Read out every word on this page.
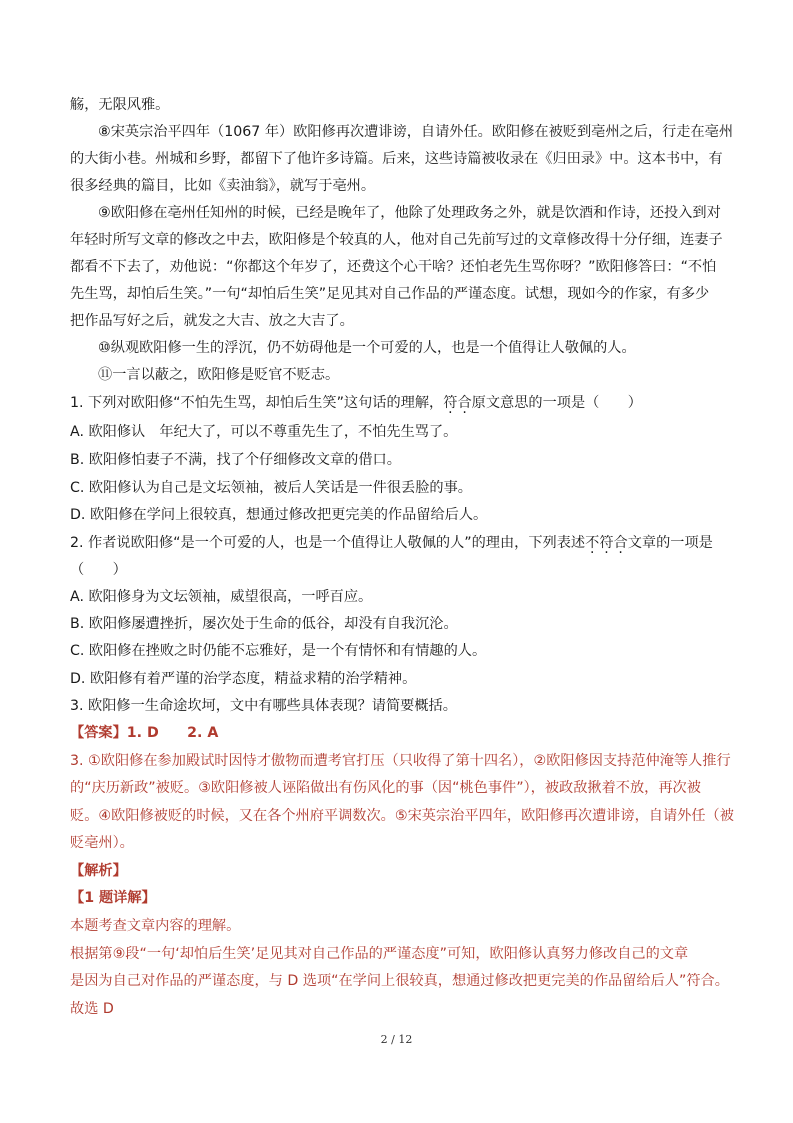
觞，无限风雅。
⑧宋英宗治平四年（1067 年）欧阳修再次遭诽谤，自请外任。欧阳修在被贬到亳州之后，行走在亳州
的大街小巷。州城和乡野，都留下了他许多诗篇。后来，这些诗篇被收录在《归田录》中。这本书中，有
很多经典的篇目，比如《卖油翁》，就写于亳州。
⑨欧阳修在亳州任知州的时候，已经是晚年了，他除了处理政务之外，就是饮酒和作诗，还投入到对
年轻时所写文章的修改之中去，欧阳修是个较真的人，他对自己先前写过的文章修改得十分仔细，连妻子
都看不下去了，劝他说：“你都这个年岁了，还费这个心干啥？还怕老先生骂你呀？”欧阳修答曰：“不怕
先生骂，却怕后生笑。”一句“却怕后生笑”足见其对自己作品的严谨态度。试想，现如今的作家，有多少
把作品写好之后，就发之大吉、放之大吉了。
⑩纵观欧阳修一生的浮沉，仍不妨碍他是一个可爱的人，也是一个值得让人敬佩的人。
⑪一言以蔽之，欧阳修是贬官不贬志。
1. 下列对欧阳修“不怕先生骂，却怕后生笑”这句话的理解，符合原文意思的一项是（　　）
A. 欧阳修认　年纪大了，可以不尊重先生了，不怕先生骂了。
B. 欧阳修怕妻子不满，找了个仔细修改文章的借口。
C. 欧阳修认为自己是文坛领袖，被后人笑话是一件很丢脸的事。
D. 欧阳修在学问上很较真，想通过修改把更完美的作品留给后人。
2. 作者说欧阳修“是一个可爱的人，也是一个值得让人敬佩的人”的理由，下列表述不符合文章的一项是
（　　）
A. 欧阳修身为文坛领袖，威望很高，一呼百应。
B. 欧阳修屡遭挫折，屡次处于生命的低谷，却没有自我沉沦。
C. 欧阳修在挫败之时仍能不忘雅好，是一个有情怀和有情趣的人。
D. 欧阳修有着严谨的治学态度，精益求精的治学精神。
3. 欧阳修一生命途坎坷，文中有哪些具体表现？请简要概括。
【答案】1. D　　2. A
3. ①欧阳修在参加殿试时因恃才傲物而遭考官打压（只收得了第十四名），②欧阳修因支持范仲淹等人推行
的“庆历新政”被贬。③欧阳修被人诬陷做出有伤风化的事（因“桃色事件”），被政敌揪着不放，再次被
贬。④欧阳修被贬的时候，又在各个州府平调数次。⑤宋英宗治平四年，欧阳修再次遭诽谤，自请外任（被
贬亳州）。
【解析】
【1 题详解】
本题考查文章内容的理解。
根据第⑨段“一句‘却怕后生笑’足见其对自己作品的严谨态度”可知，欧阳修认真努力修改自己的文章
是因为自己对作品的严谨态度，与 D 选项“在学问上很较真，想通过修改把更完美的作品留给后人”符合。
故选 D
2 / 12
